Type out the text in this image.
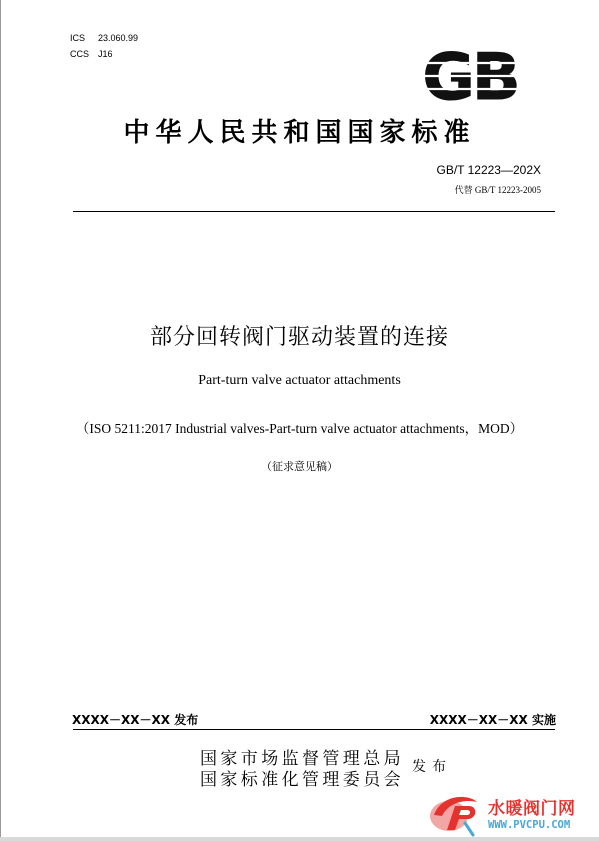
ICS 23.060.99
CCS J16	GB
中华人民共和国国家标准
GB/T 12223—202X
代替 GB/T 12223-2005
部分回转阀门驱动装置的连接
Part-turn valve actuator attachments
（ISO 5211:2017 Industrial valves-Part-turn valve actuator attachments，MOD）
（征求意见稿）
XXXX－XX－XX 发布	XXXX－XX－XX 实施
国家市场监督管理总局
国家标准化管理委员会
发布
水暖阀门网
WWW.PVCPU.COM
